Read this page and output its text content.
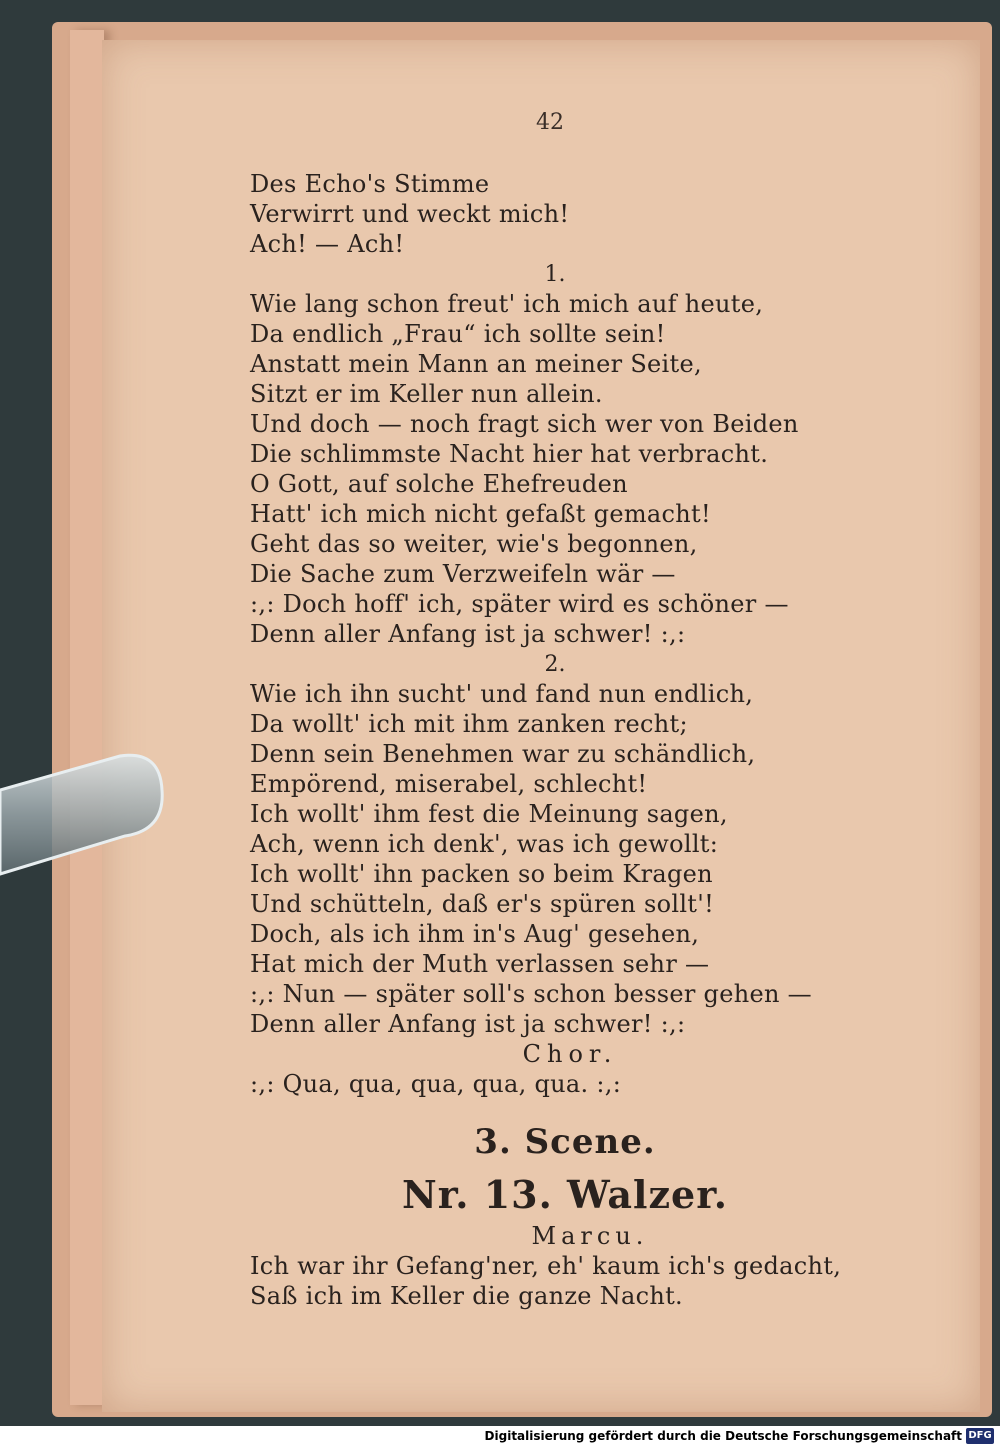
42
Des Echo's Stimme
Verwirrt und weckt mich!
Ach! — Ach!
1.
Wie lang schon freut' ich mich auf heute,
Da endlich „Frau“ ich sollte sein!
Anstatt mein Mann an meiner Seite,
Sitzt er im Keller nun allein.
Und doch — noch fragt sich wer von Beiden
Die schlimmste Nacht hier hat verbracht.
O Gott, auf solche Ehefreuden
Hatt' ich mich nicht gefaßt gemacht!
Geht das so weiter, wie's begonnen,
Die Sache zum Verzweifeln wär —
:,: Doch hoff' ich, später wird es schöner —
Denn aller Anfang ist ja schwer! :,:
2.
Wie ich ihn sucht' und fand nun endlich,
Da wollt' ich mit ihm zanken recht;
Denn sein Benehmen war zu schändlich,
Empörend, miserabel, schlecht!
Ich wollt' ihm fest die Meinung sagen,
Ach, wenn ich denk', was ich gewollt:
Ich wollt' ihn packen so beim Kragen
Und schütteln, daß er's spüren sollt'!
Doch, als ich ihm in's Aug' gesehen,
Hat mich der Muth verlassen sehr —
:,: Nun — später soll's schon besser gehen —
Denn aller Anfang ist ja schwer! :,:
Chor.
:,: Qua, qua, qua, qua, qua. :,:
3. Scene.
Nr. 13. Walzer.
Marcu.
Ich war ihr Gefang'ner, eh' kaum ich's gedacht,
Saß ich im Keller die ganze Nacht.
Digitalisierung gefördert durch die Deutsche Forschungsgemeinschaft DFG
